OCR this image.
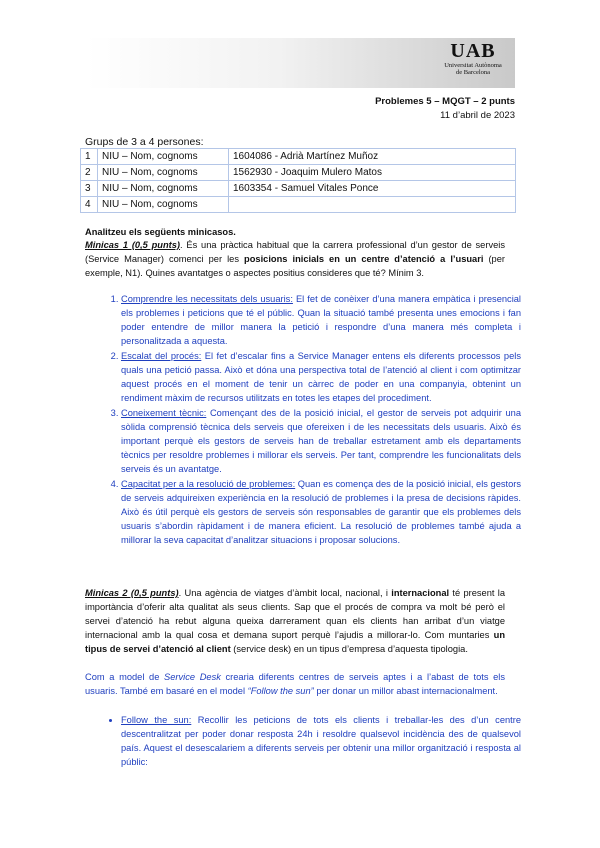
UAB
Universitat Autònoma
de Barcelona
Problemes 5 – MQGT – 2 punts
11 d’abril de 2023
Grups de 3 a 4 persones:
1	NIU – Nom, cognoms	1604086 - Adrià Martínez Muñoz
2	NIU – Nom, cognoms	1562930 - Joaquim Mulero Matos
3	NIU – Nom, cognoms	1603354 - Samuel Vitales Ponce
4	NIU – Nom, cognoms	
Analitzeu els següents minicasos.
Minicas 1 (0,5 punts). És una pràctica habitual que la carrera professional d’un gestor de serveis (Service Manager) comenci per les posicions inicials en un centre d’atenció a l’usuari (per exemple, N1). Quines avantatges o aspectes positius consideres que té? Mínim 3.
1. Comprendre les necessitats dels usuaris: El fet de conèixer d’una manera empàtica i presencial els problemes i peticions que té el públic. Quan la situació també presenta unes emocions i fan poder entendre de millor manera la petició i respondre d’una manera més completa i personalitzada a aquesta.
2. Escalat del procés: El fet d’escalar fins a Service Manager entens els diferents processos pels quals una petició passa. Això et dóna una perspectiva total de l’atenció al client i com optimitzar aquest procés en el moment de tenir un càrrec de poder en una companyia, obtenint un rendiment màxim de recursos utilitzats en totes les etapes del procediment.
3. Coneixement tècnic: Començant des de la posició inicial, el gestor de serveis pot adquirir una sòlida comprensió tècnica dels serveis que ofereixen i de les necessitats dels usuaris. Això és important perquè els gestors de serveis han de treballar estretament amb els departaments tècnics per resoldre problemes i millorar els serveis. Per tant, comprendre les funcionalitats dels serveis és un avantatge.
4. Capacitat per a la resolució de problemes: Quan es comença des de la posició inicial, els gestors de serveis adquireixen experiència en la resolució de problemes i la presa de decisions ràpides. Això és útil perquè els gestors de serveis són responsables de garantir que els problemes dels usuaris s’abordin ràpidament i de manera eficient. La resolució de problemes també ajuda a millorar la seva capacitat d’analitzar situacions i proposar solucions.
Minicas 2 (0,5 punts). Una agència de viatges d’àmbit local, nacional, i internacional té present la importància d’oferir alta qualitat als seus clients. Sap que el procés de compra va molt bé però el servei d’atenció ha rebut alguna queixa darrerament quan els clients han arribat d’un viatge internacional amb la qual cosa et demana suport perquè l’ajudis a millorar-lo. Com muntaries un tipus de servei d’atenció al client (service desk) en un tipus d’empresa d’aquesta tipologia.
Com a model de Service Desk crearia diferents centres de serveis aptes i a l’abast de tots els usuaris. També em basaré en el model “Follow the sun” per donar un millor abast internacionalment.
• Follow the sun: Recollir les peticions de tots els clients i treballar-les des d’un centre descentralitzat per poder donar resposta 24h i resoldre qualsevol incidència des de qualsevol país. Aquest el desescalariem a diferents serveis per obtenir una millor organització i resposta al públic:
